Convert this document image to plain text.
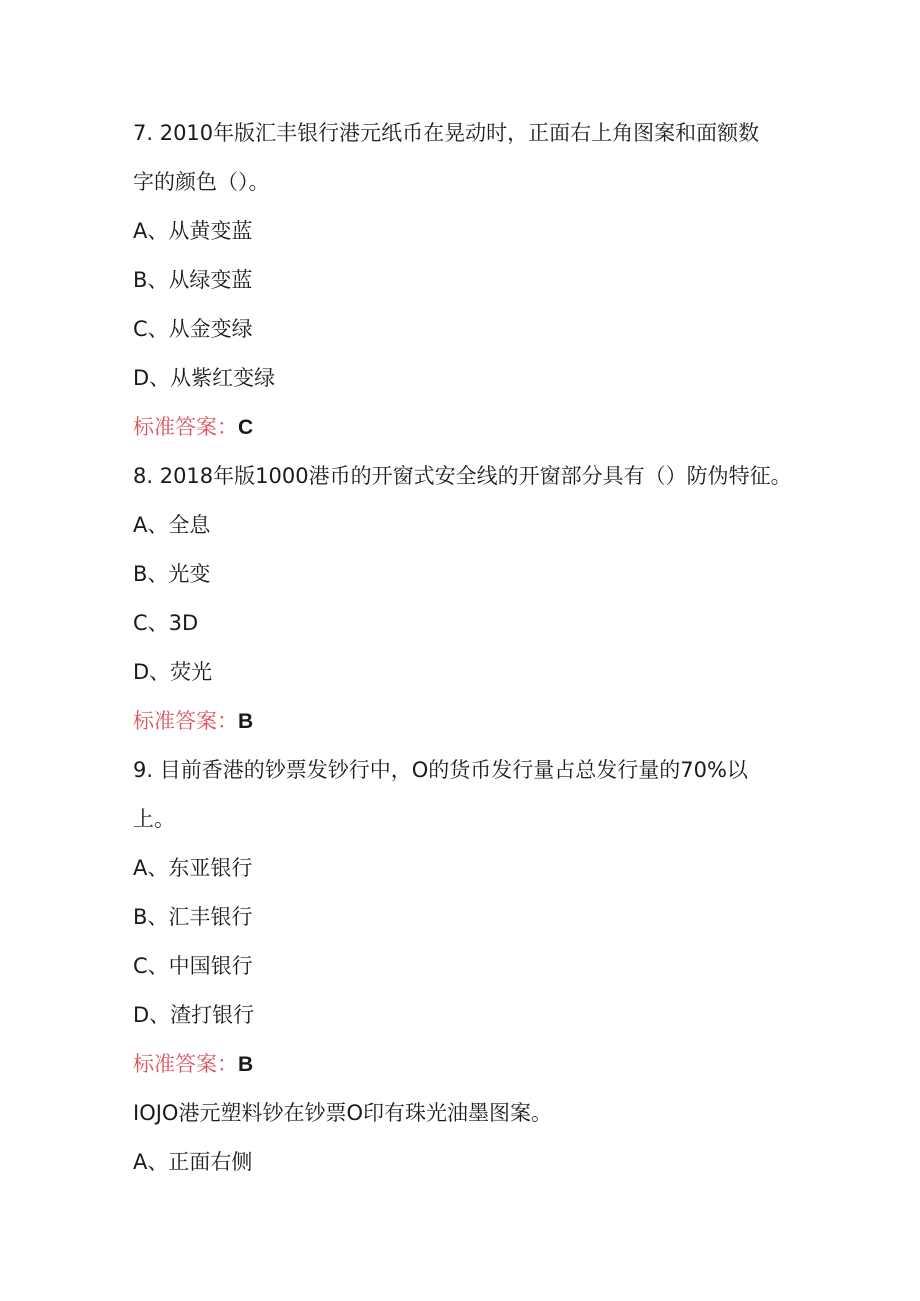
7. 2010年版汇丰银行港元纸币在晃动时，正面右上角图案和面额数
字的颜色（）。
A、从黄变蓝
B、从绿变蓝
C、从金变绿
D、从紫红变绿
标准答案：C
8. 2018年版1000港币的开窗式安全线的开窗部分具有（）防伪特征。
A、全息
B、光变
C、3D
D、荧光
标准答案：B
9. 目前香港的钞票发钞行中，O的货币发行量占总发行量的70%以
上。
A、东亚银行
B、汇丰银行
C、中国银行
D、渣打银行
标准答案：B
IOJO港元塑料钞在钞票O印有珠光油墨图案。
A、正面右侧
